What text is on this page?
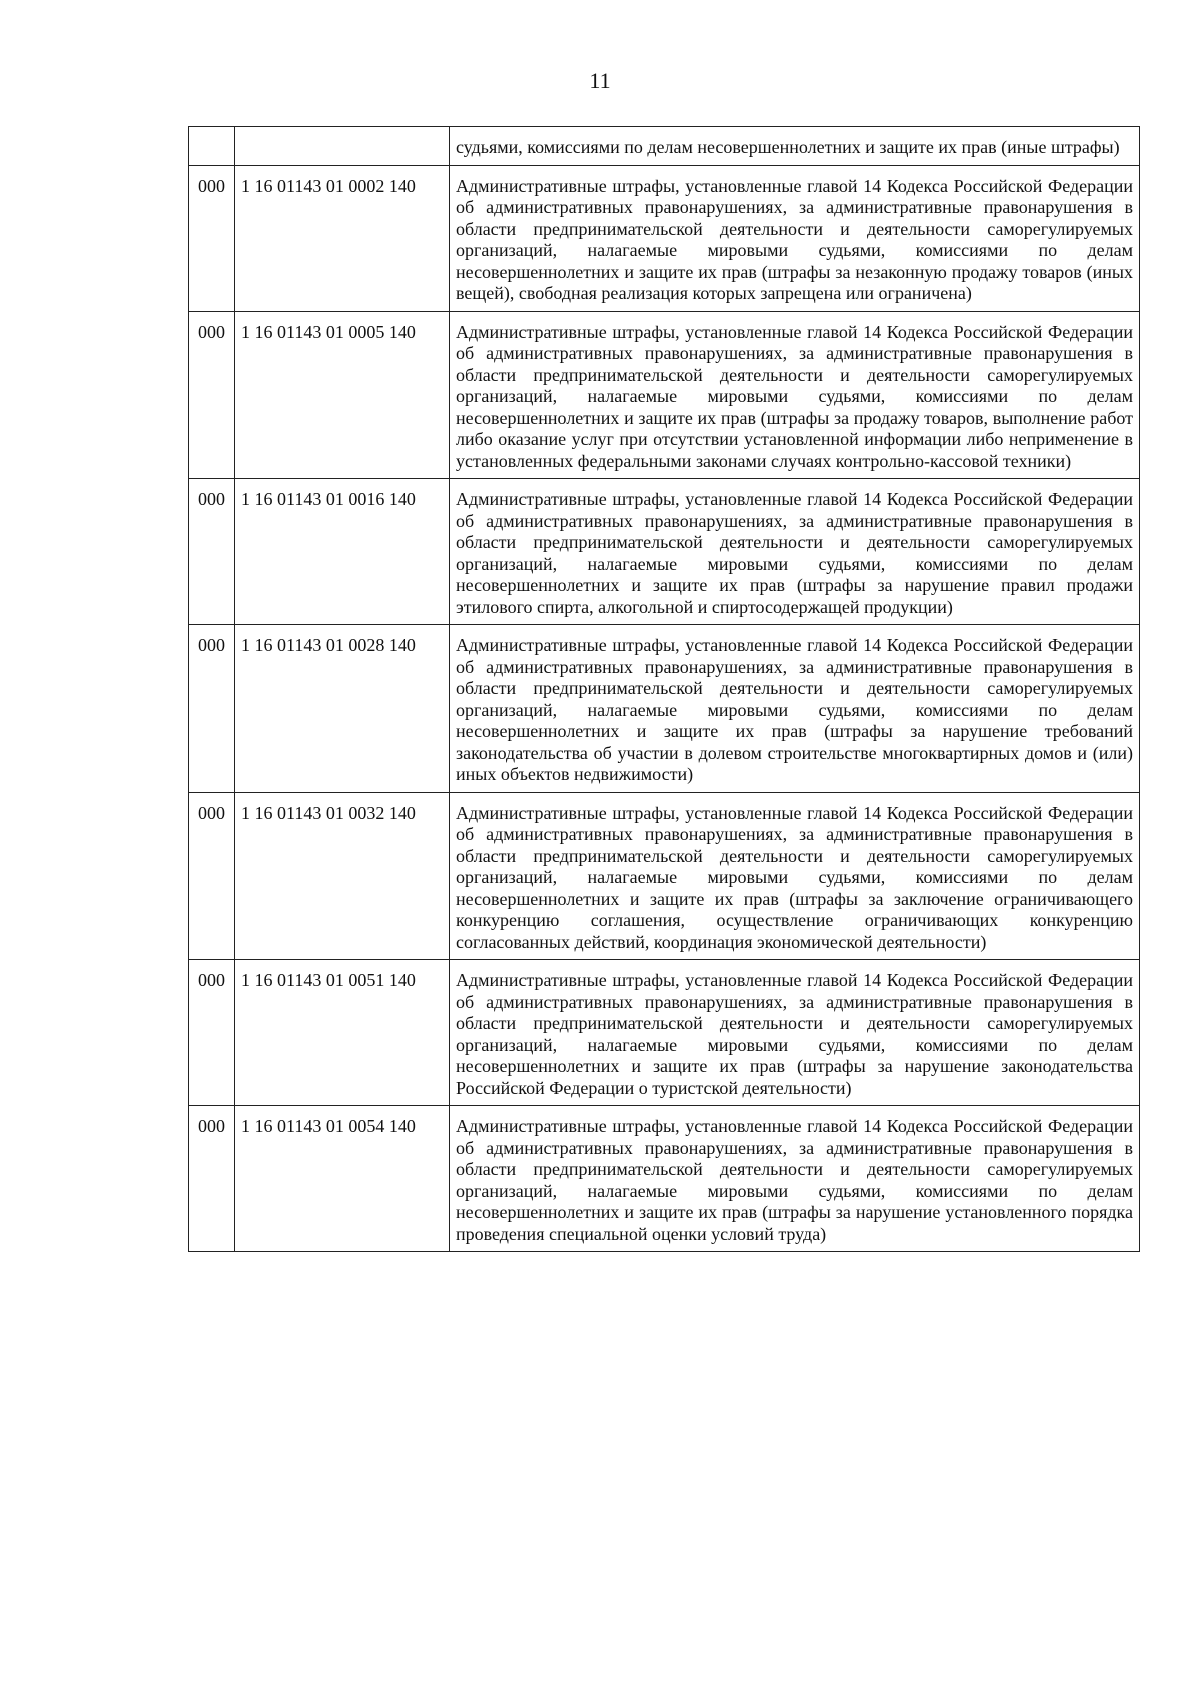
11
		судьями, комиссиями по делам несовершеннолетних и защите их прав (иные штрафы)
000	1 16 01143 01 0002 140	Административные штрафы, установленные главой 14 Кодекса Российской Федерации об административных правонарушениях, за административные правонарушения в области предпринимательской деятельности и деятельности саморегулируемых организаций, налагаемые мировыми судьями, комиссиями по делам несовершеннолетних и защите их прав (штрафы за незаконную продажу товаров (иных вещей), свободная реализация которых запрещена или ограничена)
000	1 16 01143 01 0005 140	Административные штрафы, установленные главой 14 Кодекса Российской Федерации об административных правонарушениях, за административные правонарушения в области предпринимательской деятельности и деятельности саморегулируемых организаций, налагаемые мировыми судьями, комиссиями по делам несовершеннолетних и защите их прав (штрафы за продажу товаров, выполнение работ либо оказание услуг при отсутствии установленной информации либо неприменение в установленных федеральными законами случаях контрольно-кассовой техники)
000	1 16 01143 01 0016 140	Административные штрафы, установленные главой 14 Кодекса Российской Федерации об административных правонарушениях, за административные правонарушения в области предпринимательской деятельности и деятельности саморегулируемых организаций, налагаемые мировыми судьями, комиссиями по делам несовершеннолетних и защите их прав (штрафы за нарушение правил продажи этилового спирта, алкогольной и спиртосодержащей продукции)
000	1 16 01143 01 0028 140	Административные штрафы, установленные главой 14 Кодекса Российской Федерации об административных правонарушениях, за административные правонарушения в области предпринимательской деятельности и деятельности саморегулируемых организаций, налагаемые мировыми судьями, комиссиями по делам несовершеннолетних и защите их прав (штрафы за нарушение требований законодательства об участии в долевом строительстве многоквартирных домов и (или) иных объектов недвижимости)
000	1 16 01143 01 0032 140	Административные штрафы, установленные главой 14 Кодекса Российской Федерации об административных правонарушениях, за административные правонарушения в области предпринимательской деятельности и деятельности саморегулируемых организаций, налагаемые мировыми судьями, комиссиями по делам несовершеннолетних и защите их прав (штрафы за заключение ограничивающего конкуренцию соглашения, осуществление ограничивающих конкуренцию согласованных действий, координация экономической деятельности)
000	1 16 01143 01 0051 140	Административные штрафы, установленные главой 14 Кодекса Российской Федерации об административных правонарушениях, за административные правонарушения в области предпринимательской деятельности и деятельности саморегулируемых организаций, налагаемые мировыми судьями, комиссиями по делам несовершеннолетних и защите их прав (штрафы за нарушение законодательства Российской Федерации о туристской деятельности)
000	1 16 01143 01 0054 140	Административные штрафы, установленные главой 14 Кодекса Российской Федерации об административных правонарушениях, за административные правонарушения в области предпринимательской деятельности и деятельности саморегулируемых организаций, налагаемые мировыми судьями, комиссиями по делам несовершеннолетних и защите их прав (штрафы за нарушение установленного порядка проведения специальной оценки условий труда)
